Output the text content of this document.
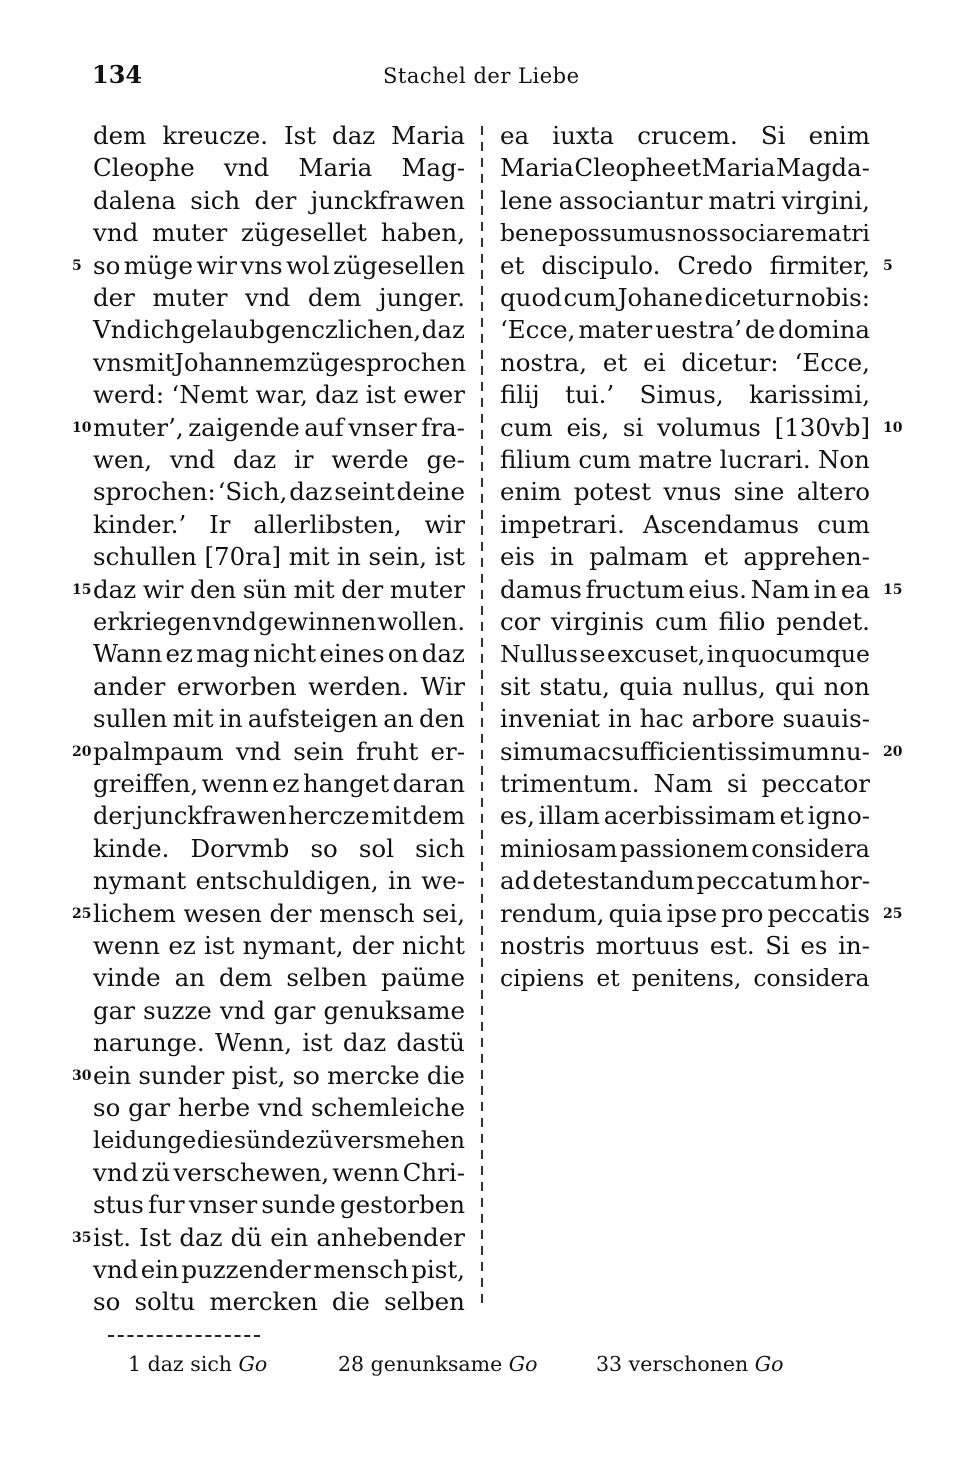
134	Stachel der Liebe
dem kreucze. Ist daz Maria
Cleophe vnd Maria Mag-
dalena sich der junckfrawen
vnd muter zügesellet haben,
so müge wir vns wol zügesellen
der muter vnd dem junger.
Vnd ich gelaub genczlichen, daz
vns mit Johannem zügesprochen
werd: ‘Nemt war, daz ist ewer
muter’, zaigende auf vnser fra-
wen, vnd daz ir werde ge-
sprochen: ‘Sich, daz seint deine
kinder.’ Ir allerlibsten, wir
schullen [70ra] mit in sein, ist
daz wir den sün mit der muter
erkriegen vnd gewinnen wollen.
Wann ez mag nicht eines on daz
ander erworben werden. Wir
sullen mit in aufsteigen an den
palmpaum vnd sein fruht er-
greiffen, wenn ez hanget daran
der junckfrawen hercze mit dem
kinde. Dorvmb so sol sich
nymant entschuldigen, in we-
lichem wesen der mensch sei,
wenn ez ist nymant, der nicht
vinde an dem selben paüme
gar suzze vnd gar genuksame
narunge. Wenn, ist daz dastü
ein sunder pist, so mercke die
so gar herbe vnd schemleiche
leidunge die sünde zü versmehen
vnd zü verschewen, wenn Chri-
stus fur vnser sunde gestorben
ist. Ist daz dü ein anhebender
vnd ein puzzender mensch pist,
so soltu mercken die selben
ea iuxta crucem. Si enim
Maria Cleophe et Maria Magda-
lene associantur matri virgini,
bene possumus nos sociare matri
et discipulo. Credo firmiter,
quod cum Johane dicetur nobis:
‘Ecce, mater uestra’ de domina
nostra, et ei dicetur: ‘Ecce,
filij tui.’ Simus, karissimi,
cum eis, si volumus [130vb]
filium cum matre lucrari. Non
enim potest vnus sine altero
impetrari. Ascendamus cum
eis in palmam et apprehen-
damus fructum eius. Nam in ea
cor virginis cum filio pendet.
Nullus se excuset, in quocumque
sit statu, quia nullus, qui non
inveniat in hac arbore suauis-
simum ac sufficientissimum nu-
trimentum. Nam si peccator
es, illam acerbissimam et igno-
miniosam passionem considera
ad detestandum peccatum hor-
rendum, quia ipse pro peccatis
nostris mortuus est. Si es in-
cipiens et penitens, considera
5
10
15
20
25
30
35
5
10
15
20
25
1 daz sich Go	28 genunksame Go	33 verschonen Go
